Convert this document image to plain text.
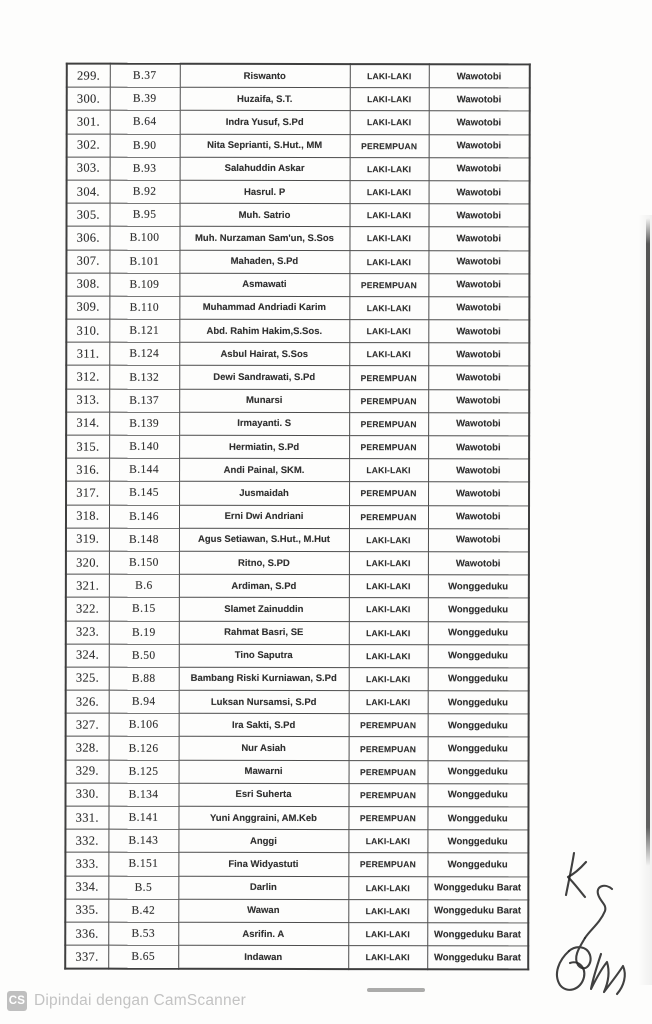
299.	B.37	Riswanto	LAKI-LAKI	Wawotobi
300.	B.39	Huzaifa, S.T.	LAKI-LAKI	Wawotobi
301.	B.64	Indra Yusuf, S.Pd	LAKI-LAKI	Wawotobi
302.	B.90	Nita Seprianti, S.Hut., MM	PEREMPUAN	Wawotobi
303.	B.93	Salahuddin Askar	LAKI-LAKI	Wawotobi
304.	B.92	Hasrul. P	LAKI-LAKI	Wawotobi
305.	B.95	Muh. Satrio	LAKI-LAKI	Wawotobi
306.	B.100	Muh. Nurzaman Sam'un, S.Sos	LAKI-LAKI	Wawotobi
307.	B.101	Mahaden, S.Pd	LAKI-LAKI	Wawotobi
308.	B.109	Asmawati	PEREMPUAN	Wawotobi
309.	B.110	Muhammad Andriadi Karim	LAKI-LAKI	Wawotobi
310.	B.121	Abd. Rahim Hakim,S.Sos.	LAKI-LAKI	Wawotobi
311.	B.124	Asbul Hairat, S.Sos	LAKI-LAKI	Wawotobi
312.	B.132	Dewi Sandrawati, S.Pd	PEREMPUAN	Wawotobi
313.	B.137	Munarsi	PEREMPUAN	Wawotobi
314.	B.139	Irmayanti. S	PEREMPUAN	Wawotobi
315.	B.140	Hermiatin, S.Pd	PEREMPUAN	Wawotobi
316.	B.144	Andi Painal, SKM.	LAKI-LAKI	Wawotobi
317.	B.145	Jusmaidah	PEREMPUAN	Wawotobi
318.	B.146	Erni Dwi Andriani	PEREMPUAN	Wawotobi
319.	B.148	Agus Setiawan, S.Hut., M.Hut	LAKI-LAKI	Wawotobi
320.	B.150	Ritno, S.PD	LAKI-LAKI	Wawotobi
321.	B.6	Ardiman, S.Pd	LAKI-LAKI	Wonggeduku
322.	B.15	Slamet Zainuddin	LAKI-LAKI	Wonggeduku
323.	B.19	Rahmat Basri, SE	LAKI-LAKI	Wonggeduku
324.	B.50	Tino Saputra	LAKI-LAKI	Wonggeduku
325.	B.88	Bambang Riski Kurniawan, S.Pd	LAKI-LAKI	Wonggeduku
326.	B.94	Luksan Nursamsi, S.Pd	LAKI-LAKI	Wonggeduku
327.	B.106	Ira Sakti, S.Pd	PEREMPUAN	Wonggeduku
328.	B.126	Nur Asiah	PEREMPUAN	Wonggeduku
329.	B.125	Mawarni	PEREMPUAN	Wonggeduku
330.	B.134	Esri Suherta	PEREMPUAN	Wonggeduku
331.	B.141	Yuni Anggraini, AM.Keb	PEREMPUAN	Wonggeduku
332.	B.143	Anggi	LAKI-LAKI	Wonggeduku
333.	B.151	Fina Widyastuti	PEREMPUAN	Wonggeduku
334.	B.5	Darlin	LAKI-LAKI	Wonggeduku Barat
335.	B.42	Wawan	LAKI-LAKI	Wonggeduku Barat
336.	B.53	Asrifin. A	LAKI-LAKI	Wonggeduku Barat
337.	B.65	Indawan	LAKI-LAKI	Wonggeduku Barat
CS Dipindai dengan CamScanner
